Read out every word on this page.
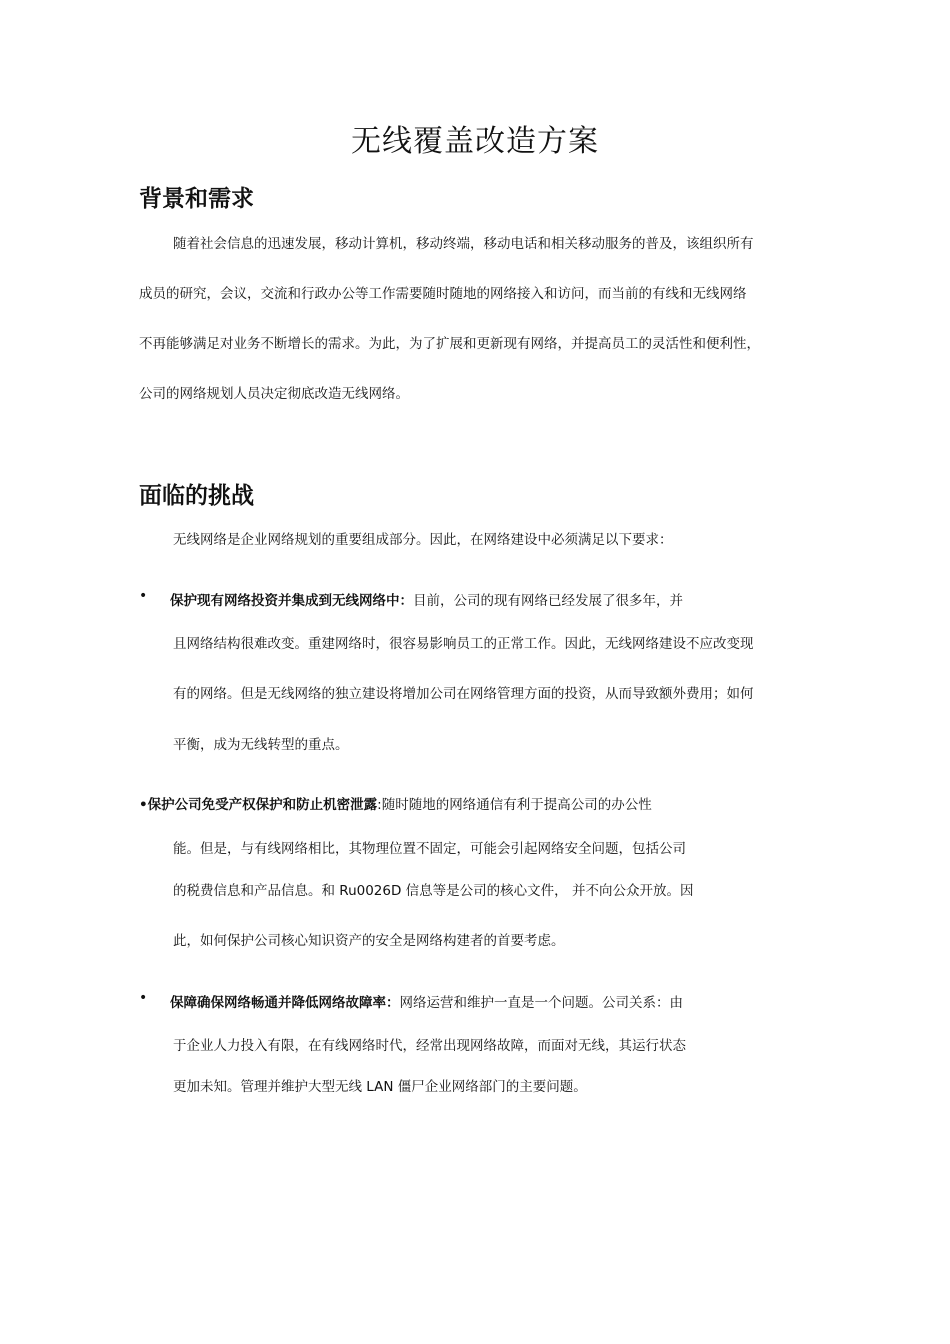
无线覆盖改造方案
背景和需求
随着社会信息的迅速发展，移动计算机，移动终端，移动电话和相关移动服务的普及，该组织所有
成员的研究，会议，交流和行政办公等工作需要随时随地的网络接入和访问，而当前的有线和无线网络
不再能够满足对业务不断增长的需求。为此，为了扩展和更新现有网络，并提高员工的灵活性和便利性，
公司的网络规划人员决定彻底改造无线网络。
面临的挑战
无线网络是企业网络规划的重要组成部分。因此，在网络建设中必须满足以下要求：
• 保护现有网络投资并集成到无线网络中：目前，公司的现有网络已经发展了很多年，并
且网络结构很难改变。重建网络时，很容易影响员工的正常工作。因此，无线网络建设不应改变现
有的网络。但是无线网络的独立建设将增加公司在网络管理方面的投资，从而导致额外费用；如何
平衡，成为无线转型的重点。
•保护公司免受产权保护和防止机密泄露:随时随地的网络通信有利于提高公司的办公性
能。但是，与有线网络相比，其物理位置不固定，可能会引起网络安全问题，包括公司
的税费信息和产品信息。和 Ru0026D 信息等是公司的核心文件， 并不向公众开放。因
此，如何保护公司核心知识资产的安全是网络构建者的首要考虑。
• 保障确保网络畅通并降低网络故障率：网络运营和维护一直是一个问题。公司关系：由
于企业人力投入有限，在有线网络时代，经常出现网络故障，而面对无线，其运行状态
更加未知。管理并维护大型无线 LAN 僵尸企业网络部门的主要问题。
